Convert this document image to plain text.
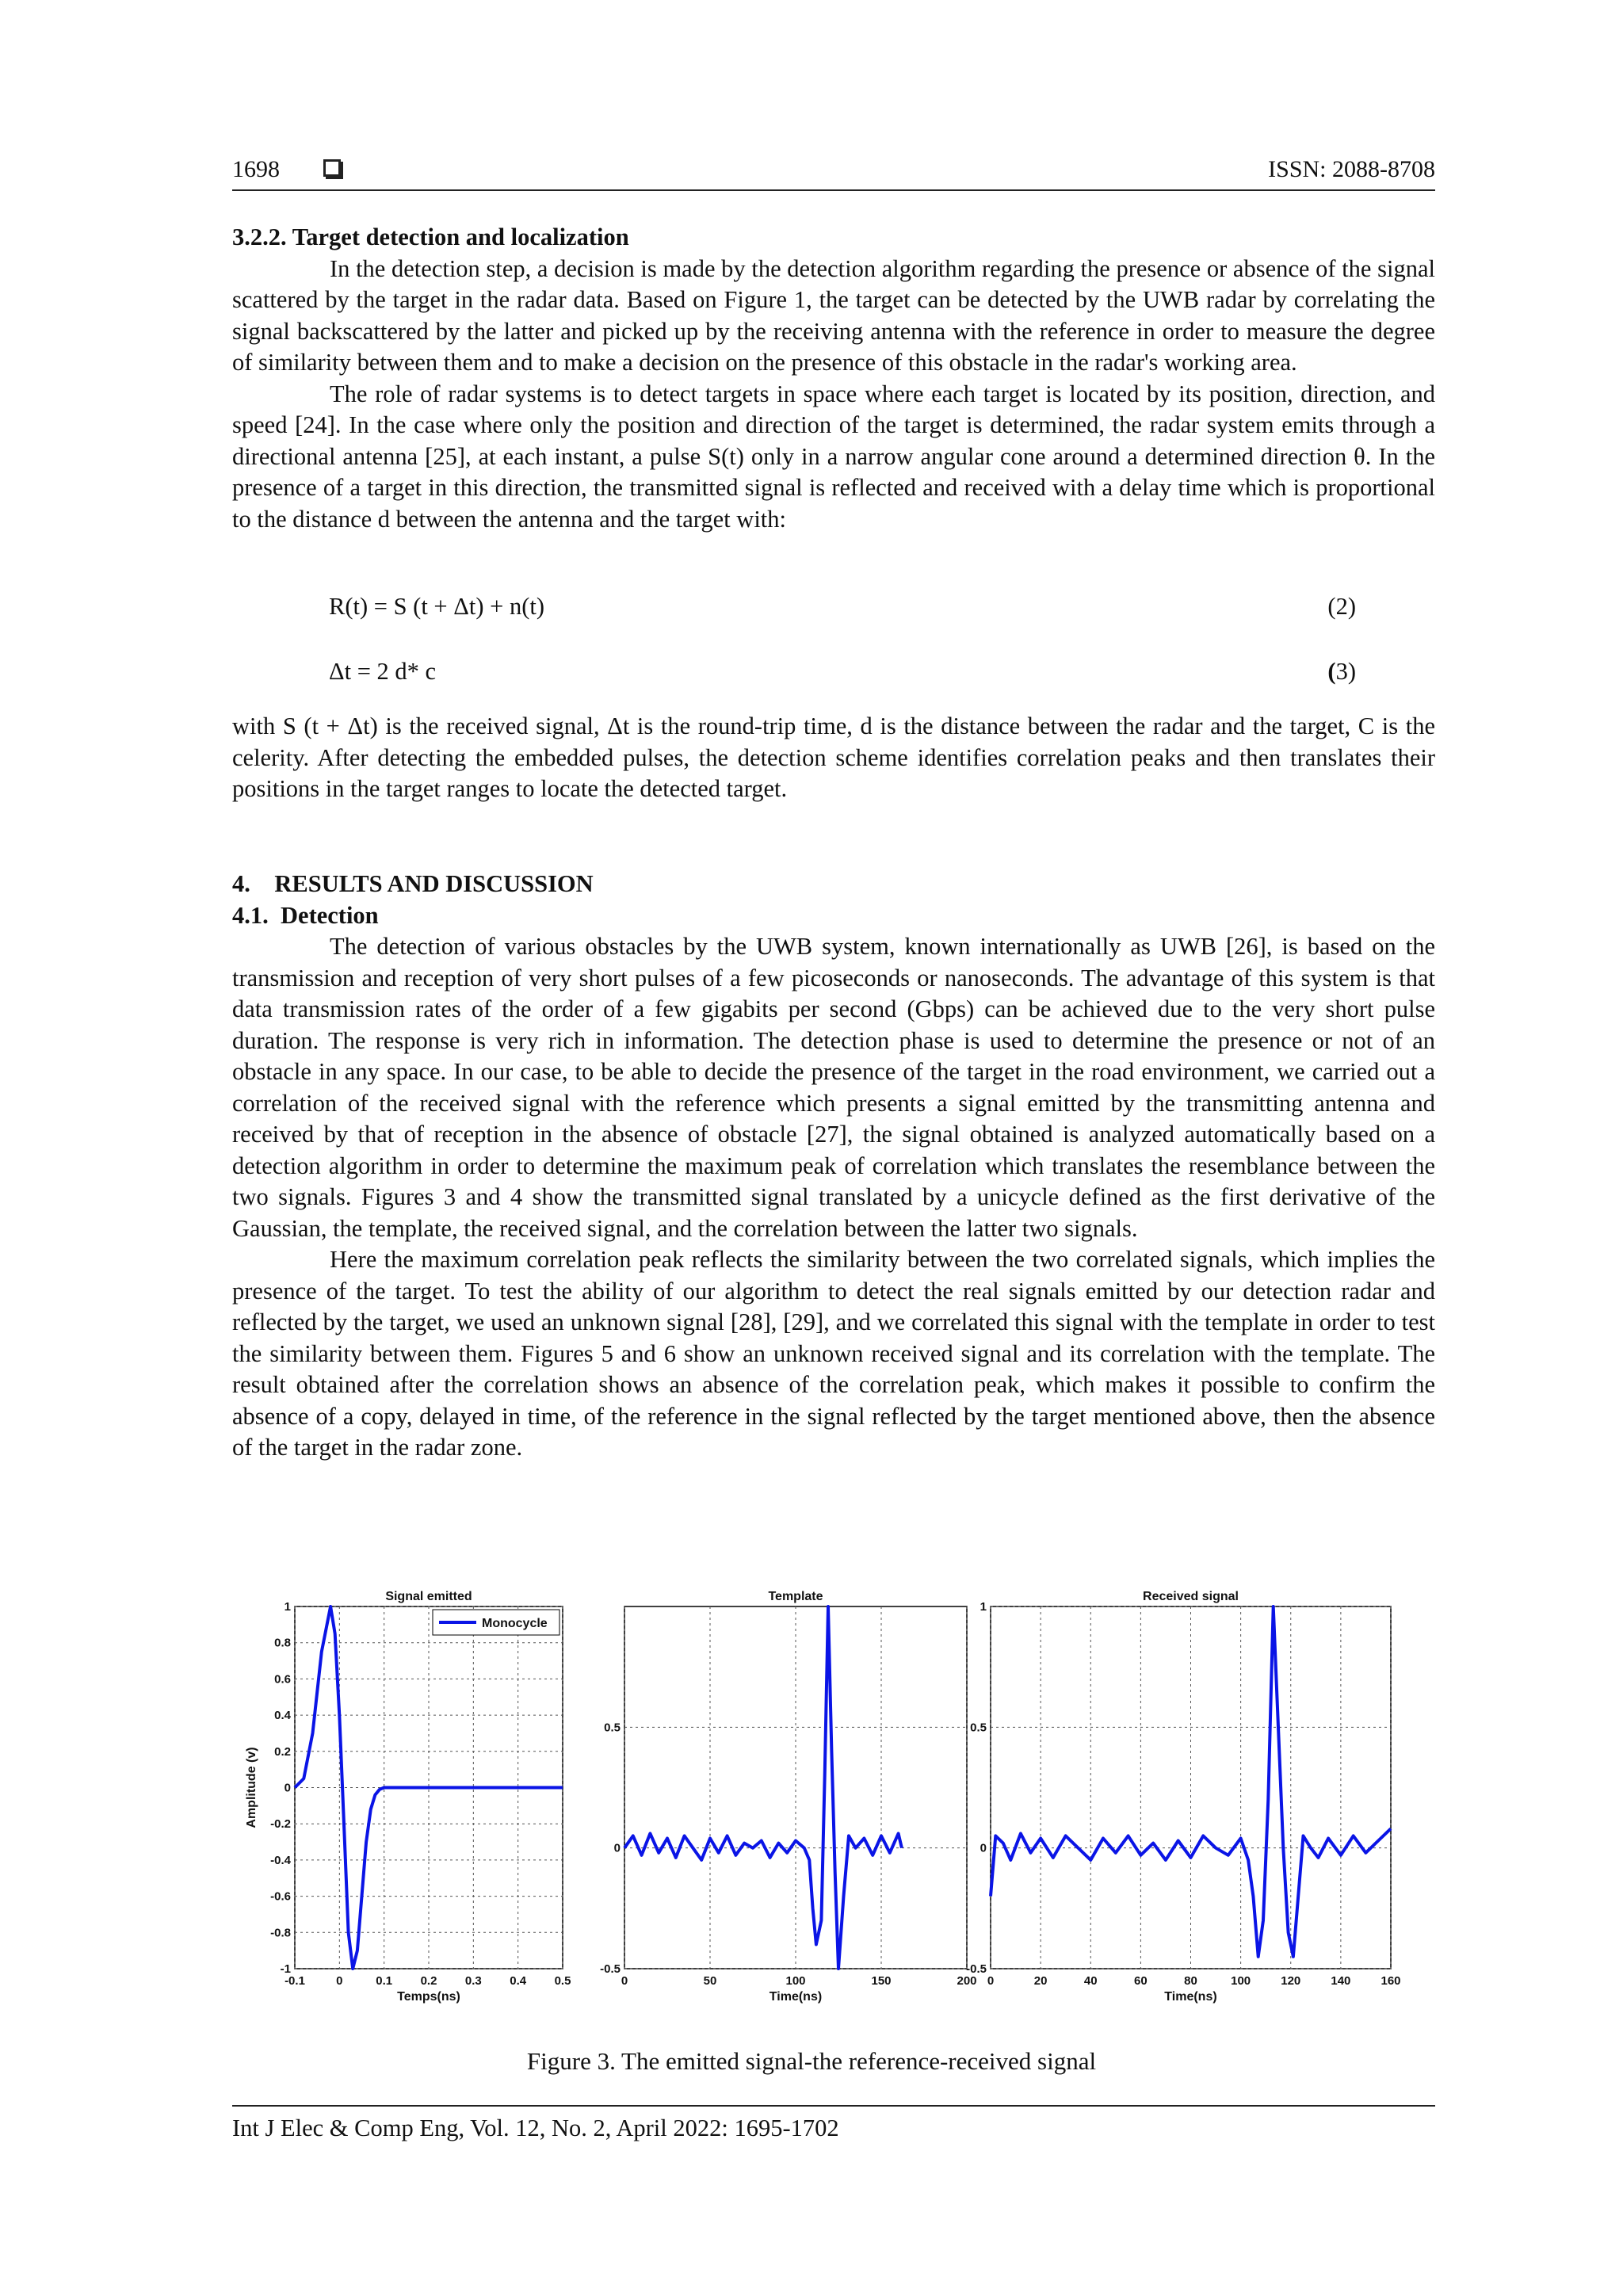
1698	ISSN: 2088-8708

3.2.2. Target detection and localization

In the detection step, a decision is made by the detection algorithm regarding the presence or absence of the signal scattered by the target in the radar data. Based on Figure 1, the target can be detected by the UWB radar by correlating the signal backscattered by the latter and picked up by the receiving antenna with the reference in order to measure the degree of similarity between them and to make a decision on the presence of this obstacle in the radar's working area.

The role of radar systems is to detect targets in space where each target is located by its position, direction, and speed [24]. In the case where only the position and direction of the target is determined, the radar system emits through a directional antenna [25], at each instant, a pulse S(t) only in a narrow angular cone around a determined direction θ. In the presence of a target in this direction, the transmitted signal is reflected and received with a delay time which is proportional to the distance d between the antenna and the target with:

R(t) = S (t + Δt) + n(t)	(2)
Δt = 2 d* c	(3)

with S (t + Δt) is the received signal, Δt is the round-trip time, d is the distance between the radar and the target, C is the celerity. After detecting the embedded pulses, the detection scheme identifies correlation peaks and then translates their positions in the target ranges to locate the detected target.

4.    RESULTS AND DISCUSSION

4.1.  Detection

The detection of various obstacles by the UWB system, known internationally as UWB [26], is based on the transmission and reception of very short pulses of a few picoseconds or nanoseconds. The advantage of this system is that data transmission rates of the order of a few gigabits per second (Gbps) can be achieved due to the very short pulse duration. The response is very rich in information. The detection phase is used to determine the presence or not of an obstacle in any space. In our case, to be able to decide the presence of the target in the road environment, we carried out a correlation of the received signal with the reference which presents a signal emitted by the transmitting antenna and received by that of reception in the absence of obstacle [27], the signal obtained is analyzed automatically based on a detection algorithm in order to determine the maximum peak of correlation which translates the resemblance between the two signals. Figures 3 and 4 show the transmitted signal translated by a unicycle defined as the first derivative of the Gaussian, the template, the received signal, and the correlation between the latter two signals.

Here the maximum correlation peak reflects the similarity between the two correlated signals, which implies the presence of the target. To test the ability of our algorithm to detect the real signals emitted by our detection radar and reflected by the target, we used an unknown signal [28], [29], and we correlated this signal with the template in order to test the similarity between them. Figures 5 and 6 show an unknown received signal and its correlation with the template. The result obtained after the correlation shows an absence of the correlation peak, which makes it possible to confirm the absence of a copy, delayed in time, of the reference in the signal reflected by the target mentioned above, then the absence of the target in the radar zone.

-0.1	0	0.1 0.2 0.3 0.4 0.5
-1
-0.8
-0.6
-0.4
-0.2
0
0.2
0.4
0.6
0.8
1
Signal emitted
Temps(ns)
Amplitude (v)
Monocycle
0	50	100	150	200
-0.5
0
0.5
Template
Time(ns)
0	20	40	60	80	100	120	140	160
-0.5
0
0.5
1
Received signal
Time(ns)
Figure 3. The emitted signal-the reference-received signal
Int J Elec & Comp Eng, Vol. 12, No. 2, April 2022: 1695-1702
